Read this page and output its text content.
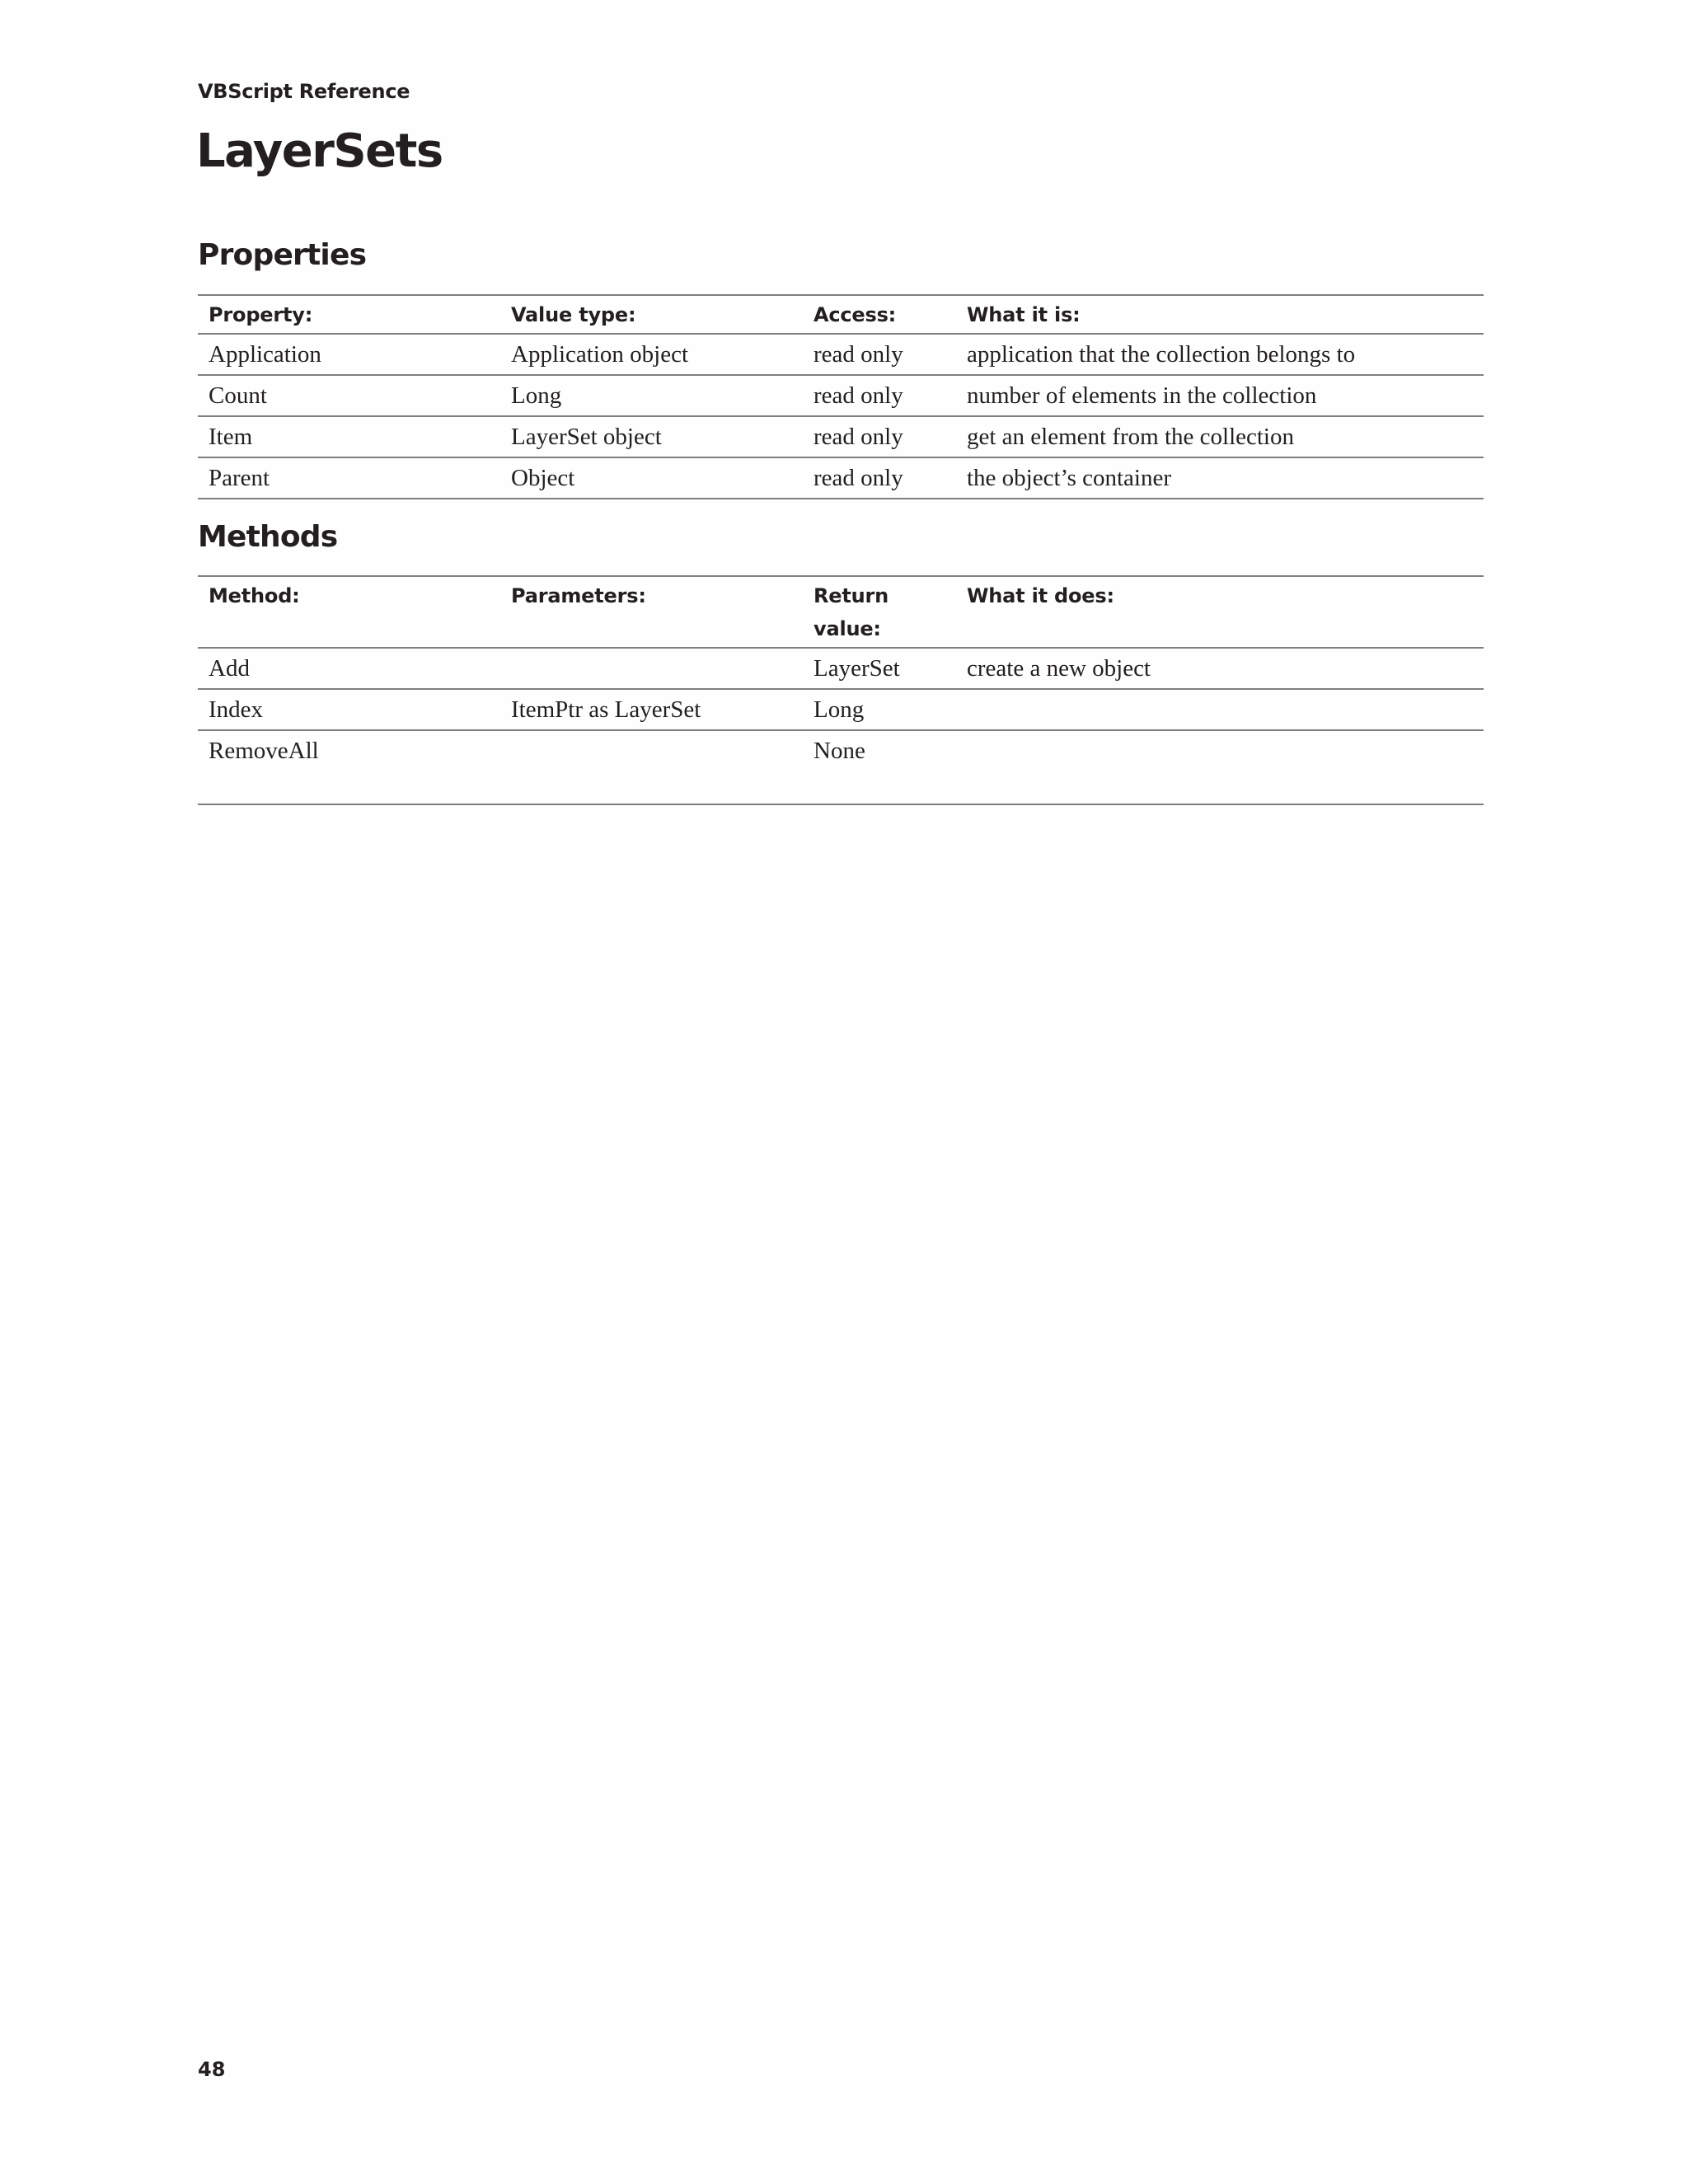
VBScript Reference
LayerSets
Properties
Property:	Value type:	Access:	What it is:
Application	Application object	read only	application that the collection belongs to
Count	Long	read only	number of elements in the collection
Item	LayerSet object	read only	get an element from the collection
Parent	Object	read only	the object’s container
Methods
Method:	Parameters:	Return value:	What it does:
Add		LayerSet	create a new object
Index	ItemPtr as LayerSet	Long	
RemoveAll		None	
48
